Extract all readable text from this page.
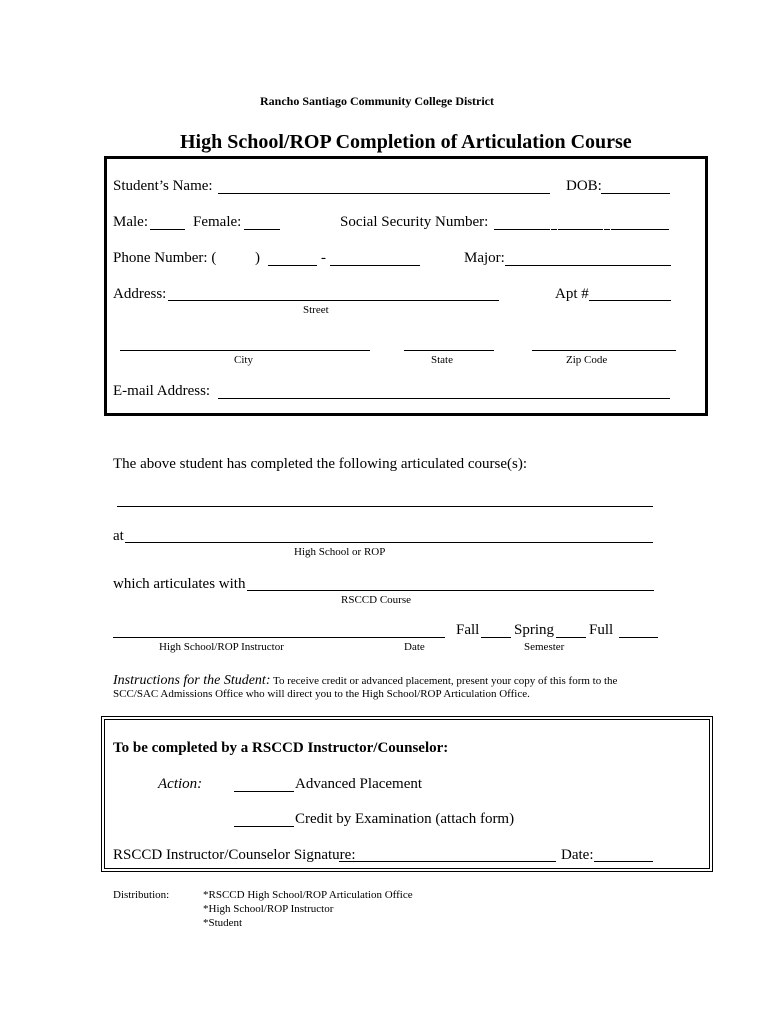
Rancho Santiago Community College District
High School/ROP Completion of Articulation Course
Student’s Name:	DOB:
Male:	Female:	Social Security Number:
Phone Number: (	)	-	Major:
Address:	Apt #
Street
City	State	Zip Code
E-mail Address:
The above student has completed the following articulated course(s):
at
High School or ROP
which articulates with
RSCCD Course
Fall Spring Full
High School/ROP Instructor	Date	Semester
Instructions for the Student: To receive credit or advanced placement, present your copy of this form to the
SCC/SAC Admissions Office who will direct you to the High School/ROP Articulation Office.
To be completed by a RSCCD Instructor/Counselor:
Action:	Advanced Placement
Credit by Examination (attach form)
RSCCD Instructor/Counselor Signature:	Date:
Distribution:	*RSCCD High School/ROP Articulation Office
*High School/ROP Instructor
*Student
